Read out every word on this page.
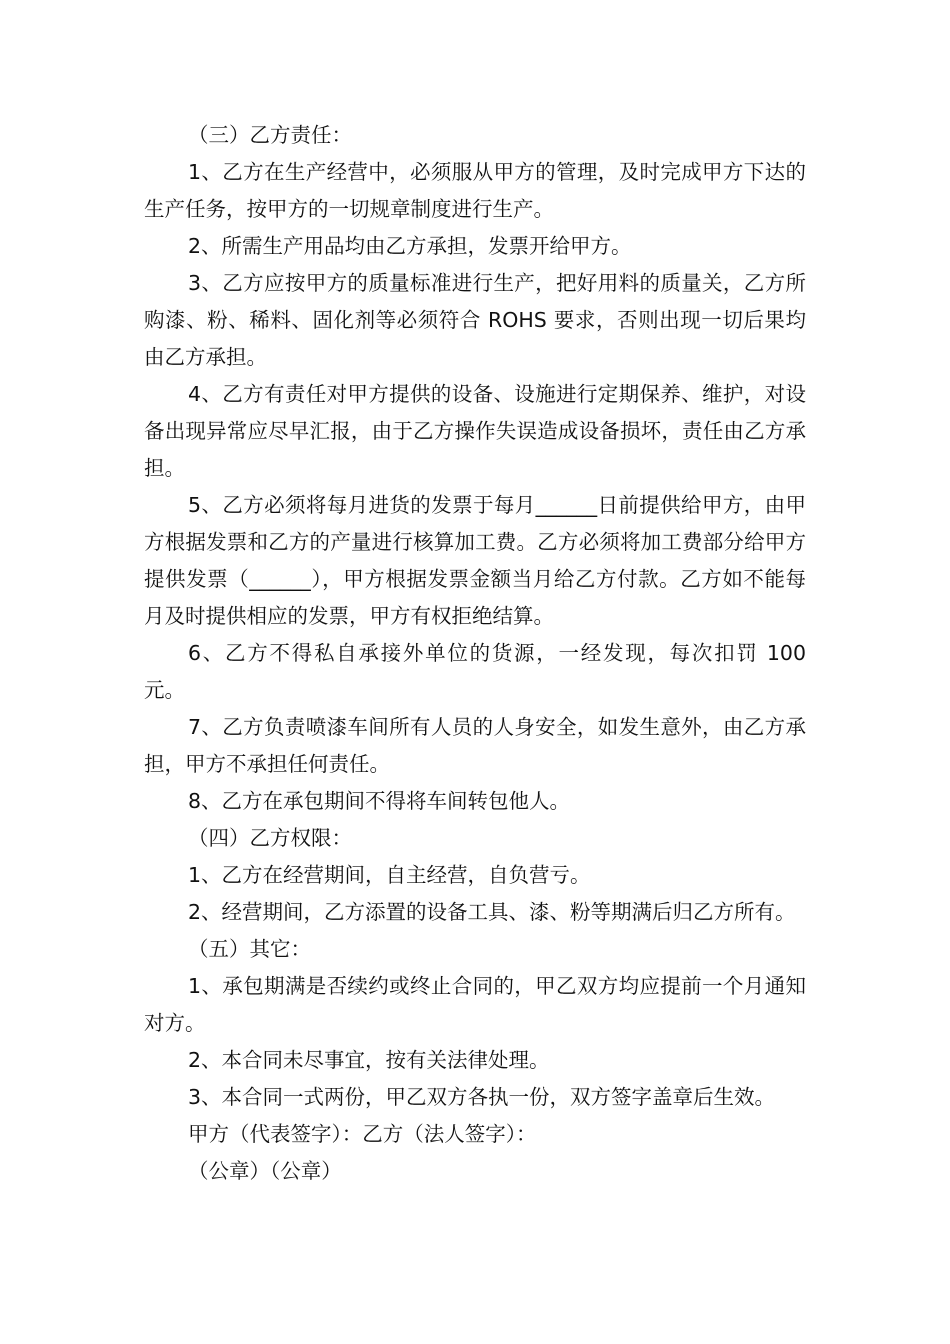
（三）乙方责任：

1、乙方在生产经营中，必须服从甲方的管理，及时完成甲方下达的生产任务，按甲方的一切规章制度进行生产。

2、所需生产用品均由乙方承担，发票开给甲方。

3、乙方应按甲方的质量标准进行生产，把好用料的质量关，乙方所购漆、粉、稀料、固化剂等必须符合 ROHS 要求，否则出现一切后果均由乙方承担。

4、乙方有责任对甲方提供的设备、设施进行定期保养、维护，对设备出现异常应尽早汇报，由于乙方操作失误造成设备损坏，责任由乙方承担。

5、乙方必须将每月进货的发票于每月______日前提供给甲方，由甲方根据发票和乙方的产量进行核算加工费。乙方必须将加工费部分给甲方提供发票（______），甲方根据发票金额当月给乙方付款。乙方如不能每月及时提供相应的发票，甲方有权拒绝结算。

6、乙方不得私自承接外单位的货源，一经发现，每次扣罚 100 元。

7、乙方负责喷漆车间所有人员的人身安全，如发生意外，由乙方承担，甲方不承担任何责任。

8、乙方在承包期间不得将车间转包他人。

（四）乙方权限：

1、乙方在经营期间，自主经营，自负营亏。

2、经营期间，乙方添置的设备工具、漆、粉等期满后归乙方所有。

（五）其它：

1、承包期满是否续约或终止合同的，甲乙双方均应提前一个月通知对方。

2、本合同未尽事宜，按有关法律处理。

3、本合同一式两份，甲乙双方各执一份，双方签字盖章后生效。

甲方（代表签字）：乙方（法人签字）：

（公章）（公章）
